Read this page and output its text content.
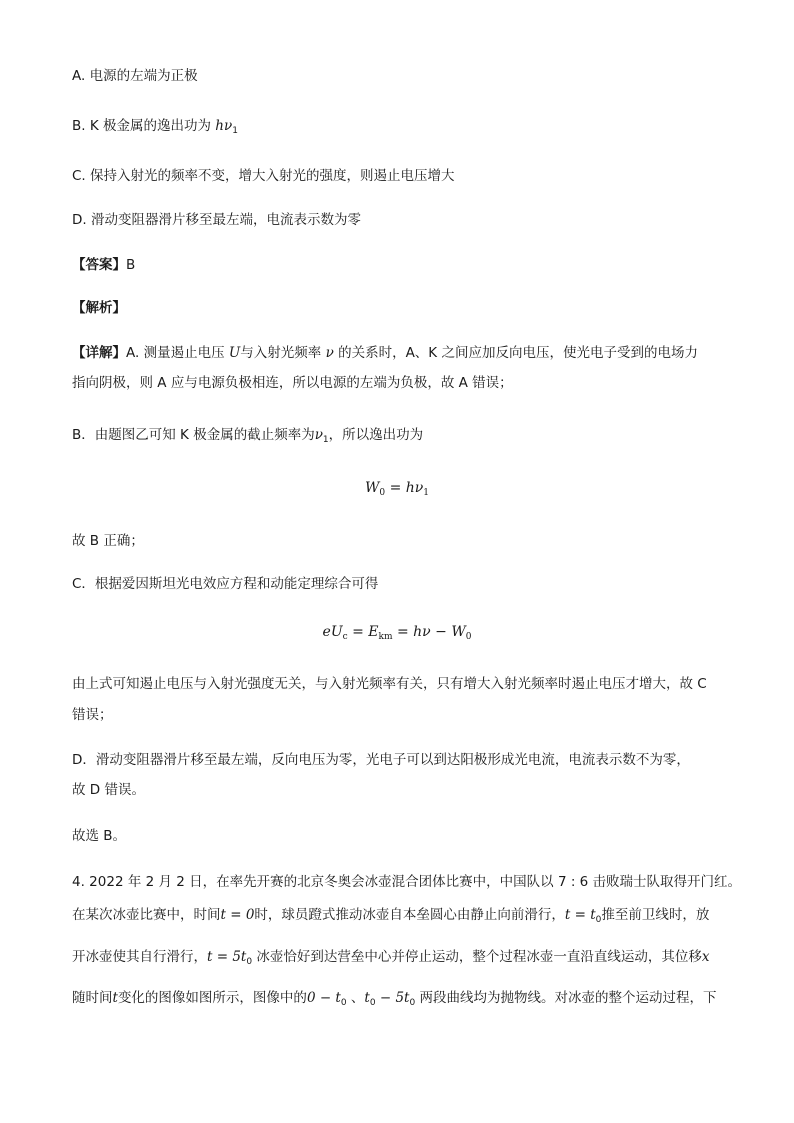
A. 电源的左端为正极
B. K 极金属的逸出功为 $h\nu_1$
C. 保持入射光的频率不变，增大入射光的强度，则遏止电压增大
D. 滑动变阻器滑片移至最左端，电流表示数为零
【答案】B
【解析】
【详解】A. 测量遏止电压 U与入射光频率 ν 的关系时，A、K 之间应加反向电压，使光电子受到的电场力
指向阴极，则 A 应与电源负极相连，所以电源的左端为负极，故 A 错误；
B．由题图乙可知 K 极金属的截止频率为$\nu_1$，所以逸出功为
$W_0 = h\nu_1$
故 B 正确；
C．根据爱因斯坦光电效应方程和动能定理综合可得
$eU_c = E_{km} = h\nu - W_0$
由上式可知遏止电压与入射光强度无关，与入射光频率有关，只有增大入射光频率时遏止电压才增大，故 C
错误；
D．滑动变阻器滑片移至最左端，反向电压为零，光电子可以到达阳极形成光电流，电流表示数不为零，
故 D 错误。
故选 B。
4. 2022 年 2 月 2 日，在率先开赛的北京冬奥会冰壶混合团体比赛中，中国队以 7 : 6 击败瑞士队取得开门红。
在某次冰壶比赛中，时间t = 0时，球员蹬式推动冰壶自本垒圆心由静止向前滑行，$t = t_0$推至前卫线时，放
开冰壶使其自行滑行，$t = 5t_0$ 冰壶恰好到达营垒中心并停止运动，整个过程冰壶一直沿直线运动，其位移x
随时间t变化的图像如图所示，图像中的$0 - t_0$ 、$t_0 - 5t_0$ 两段曲线均为抛物线。对冰壶的整个运动过程，下
